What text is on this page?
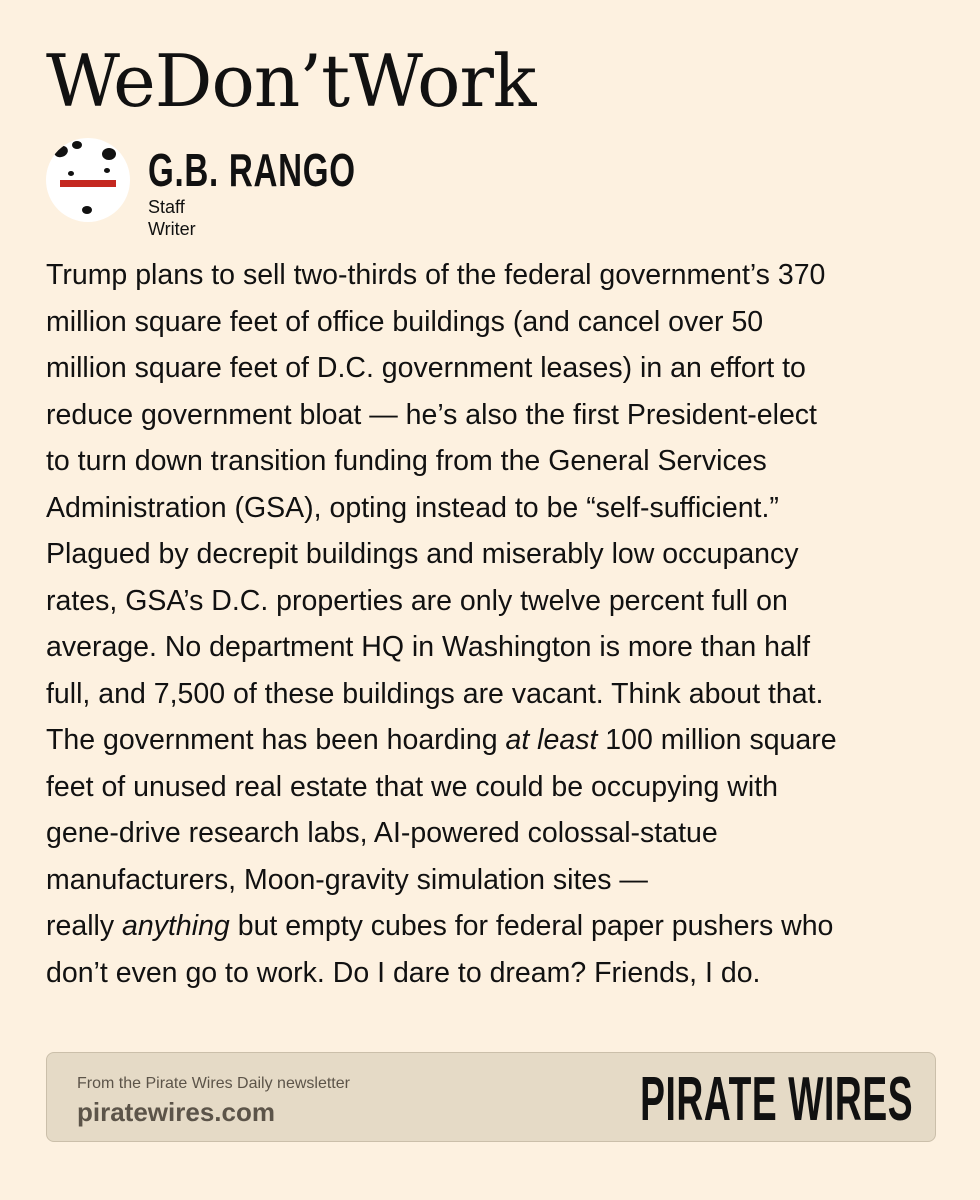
WeDon’tWork
G.B. RANGO
Staff Writer
Trump plans to sell two-thirds of the federal government’s 370
million square feet of office buildings (and cancel over 50
million square feet of D.C. government leases) in an effort to
reduce government bloat — he’s also the first President-elect
to turn down transition funding from the General Services
Administration (GSA), opting instead to be “self-sufficient.”
Plagued by decrepit buildings and miserably low occupancy
rates, GSA’s D.C. properties are only twelve percent full on
average. No department HQ in Washington is more than half
full, and 7,500 of these buildings are vacant. Think about that.
The government has been hoarding at least 100 million square
feet of unused real estate that we could be occupying with
gene-drive research labs, AI-powered colossal-statue
manufacturers, Moon-gravity simulation sites —
really anything but empty cubes for federal paper pushers who
don’t even go to work. Do I dare to dream? Friends, I do.
From the Pirate Wires Daily newsletter
piratewires.com	PIRATE WIRES
